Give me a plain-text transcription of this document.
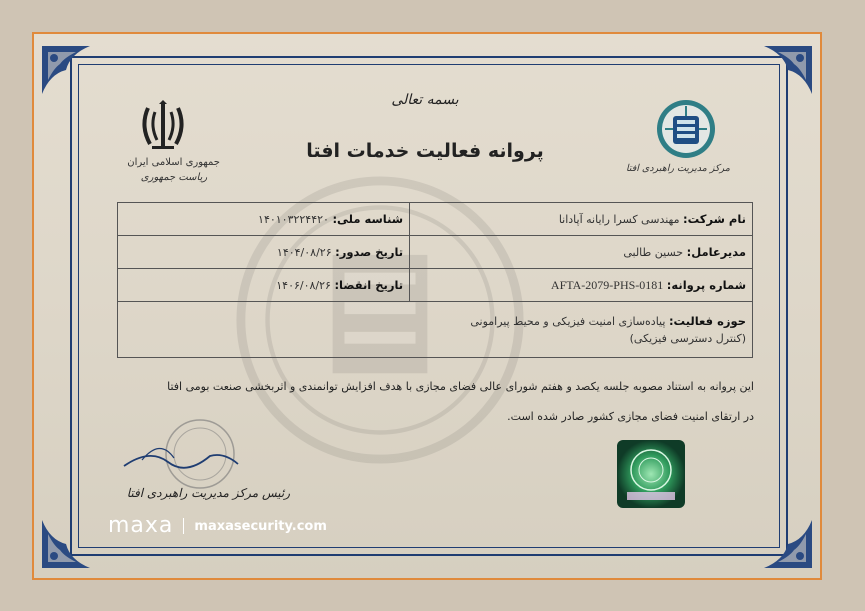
جمهوری اسلامی ایران
ریاست جمهوری
مرکز مدیریت راهبردی افتا
بسمه تعالی
پروانه فعالیت خدمات افتا
نام شرکت: مهندسی کسرا رایانه آپادانا	شناسه ملی: ۱۴۰۱۰۳۲۲۴۴۲۰
مدیرعامل: حسین طالبی	تاریخ صدور: ۱۴۰۴/۰۸/۲۶
شماره پروانه: AFTA-2079-PHS-0181	تاریخ انقضا: ۱۴۰۶/۰۸/۲۶

حوزه فعالیت: پیاده‌سازی امنیت فیزیکی و محیط پیرامونی
(کنترل دسترسی فیزیکی)	
این پروانه به استناد مصوبه جلسه یکصد و هفتم شورای عالی فضای مجازی با هدف افزایش توانمندی و اثربخشی صنعت بومی افتا
در ارتقای امنیت فضای مجازی کشور صادر شده است.
رئیس مرکز مدیریت راهبردی افتا
maxa maxasecurity.com
